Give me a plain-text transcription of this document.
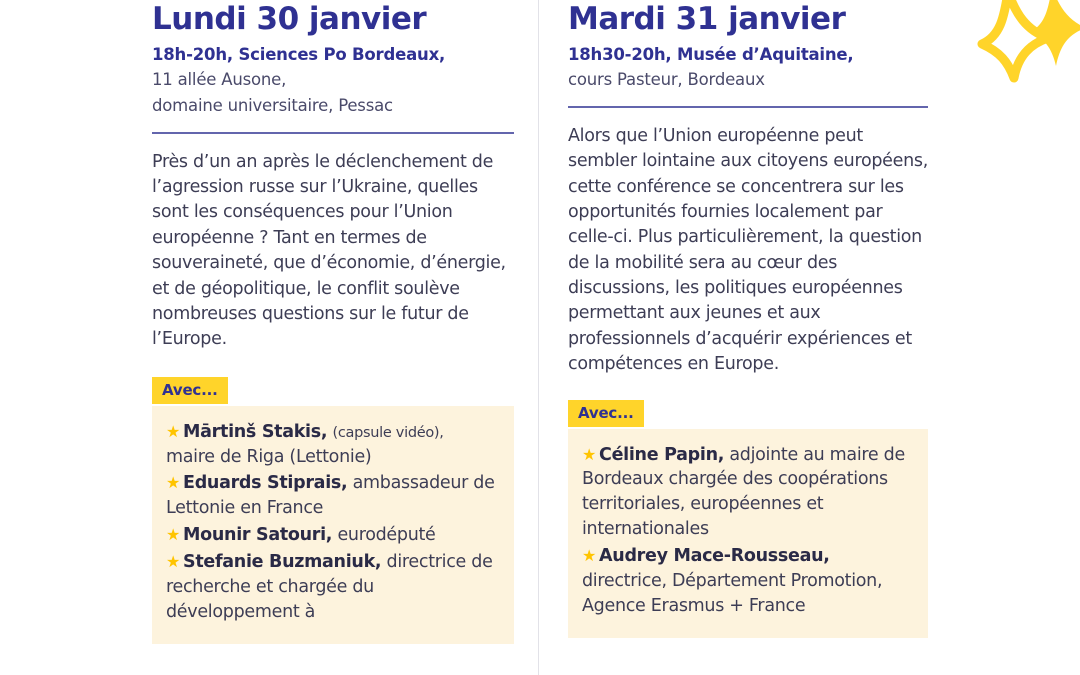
Lundi 30 janvier
18h-20h, Sciences Po Bordeaux,
11 allée Ausone,
domaine universitaire, Pessac
Près d’un an après le déclenchement de l’agression russe sur l’Ukraine, quelles sont les conséquences pour l’Union européenne ? Tant en termes de souveraineté, que d’économie, d’énergie, et de géopolitique, le conflit soulève nombreuses questions sur le futur de l’Europe.
Avec...
★ Mārtinš Stakis, (capsule vidéo), maire de Riga (Lettonie)
★ Eduards Stiprais, ambassadeur de Lettonie en France
★ Mounir Satouri, eurodéputé
★ Stefanie Buzmaniuk, directrice de recherche et chargée du développement à
Mardi 31 janvier
18h30-20h, Musée d’Aquitaine,
cours Pasteur, Bordeaux
Alors que l’Union européenne peut sembler lointaine aux citoyens européens, cette conférence se concentrera sur les opportunités fournies localement par celle-ci. Plus particulièrement, la question de la mobilité sera au cœur des discussions, les politiques européennes permettant aux jeunes et aux professionnels d’acquérir expériences et compétences en Europe.
Avec...
★ Céline Papin, adjointe au maire de Bordeaux chargée des coopérations territoriales, européennes et internationales
★ Audrey Mace-Rousseau, directrice, Département Promotion, Agence Erasmus + France
